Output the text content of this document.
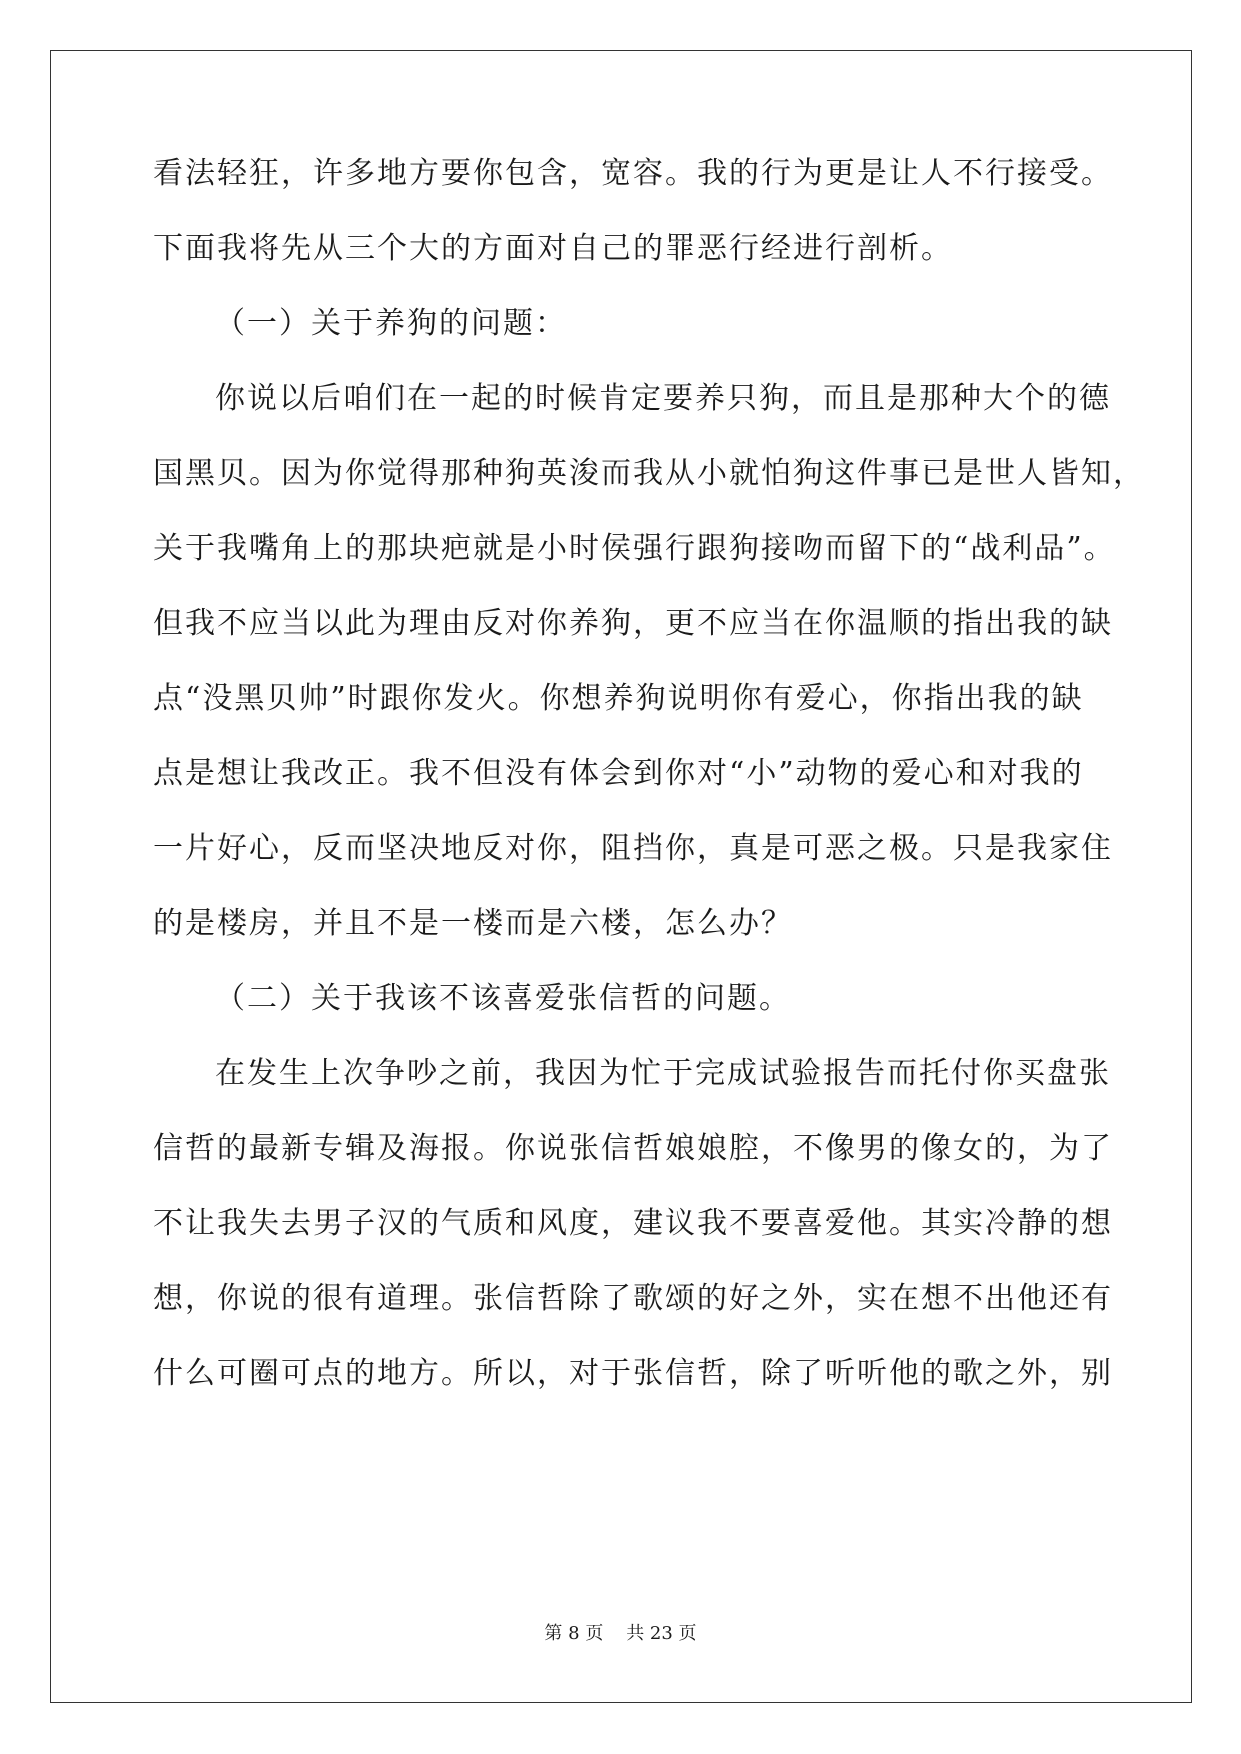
看法轻狂，许多地方要你包含，宽容。我的行为更是让人不行接受。
下面我将先从三个大的方面对自己的罪恶行经进行剖析。
（一）关于养狗的问题：
你说以后咱们在一起的时候肯定要养只狗，而且是那种大个的德
国黑贝。因为你觉得那种狗英浚而我从小就怕狗这件事已是世人皆知，
关于我嘴角上的那块疤就是小时侯强行跟狗接吻而留下的“战利品”。
但我不应当以此为理由反对你养狗，更不应当在你温顺的指出我的缺
点“没黑贝帅”时跟你发火。你想养狗说明你有爱心，你指出我的缺
点是想让我改正。我不但没有体会到你对“小”动物的爱心和对我的
一片好心，反而坚决地反对你，阻挡你，真是可恶之极。只是我家住
的是楼房，并且不是一楼而是六楼，怎么办？
（二）关于我该不该喜爱张信哲的问题。
在发生上次争吵之前，我因为忙于完成试验报告而托付你买盘张
信哲的最新专辑及海报。你说张信哲娘娘腔，不像男的像女的，为了
不让我失去男子汉的气质和风度，建议我不要喜爱他。其实冷静的想
想，你说的很有道理。张信哲除了歌颂的好之外，实在想不出他还有
什么可圈可点的地方。所以，对于张信哲，除了听听他的歌之外，别
第 8 页    共 23 页
